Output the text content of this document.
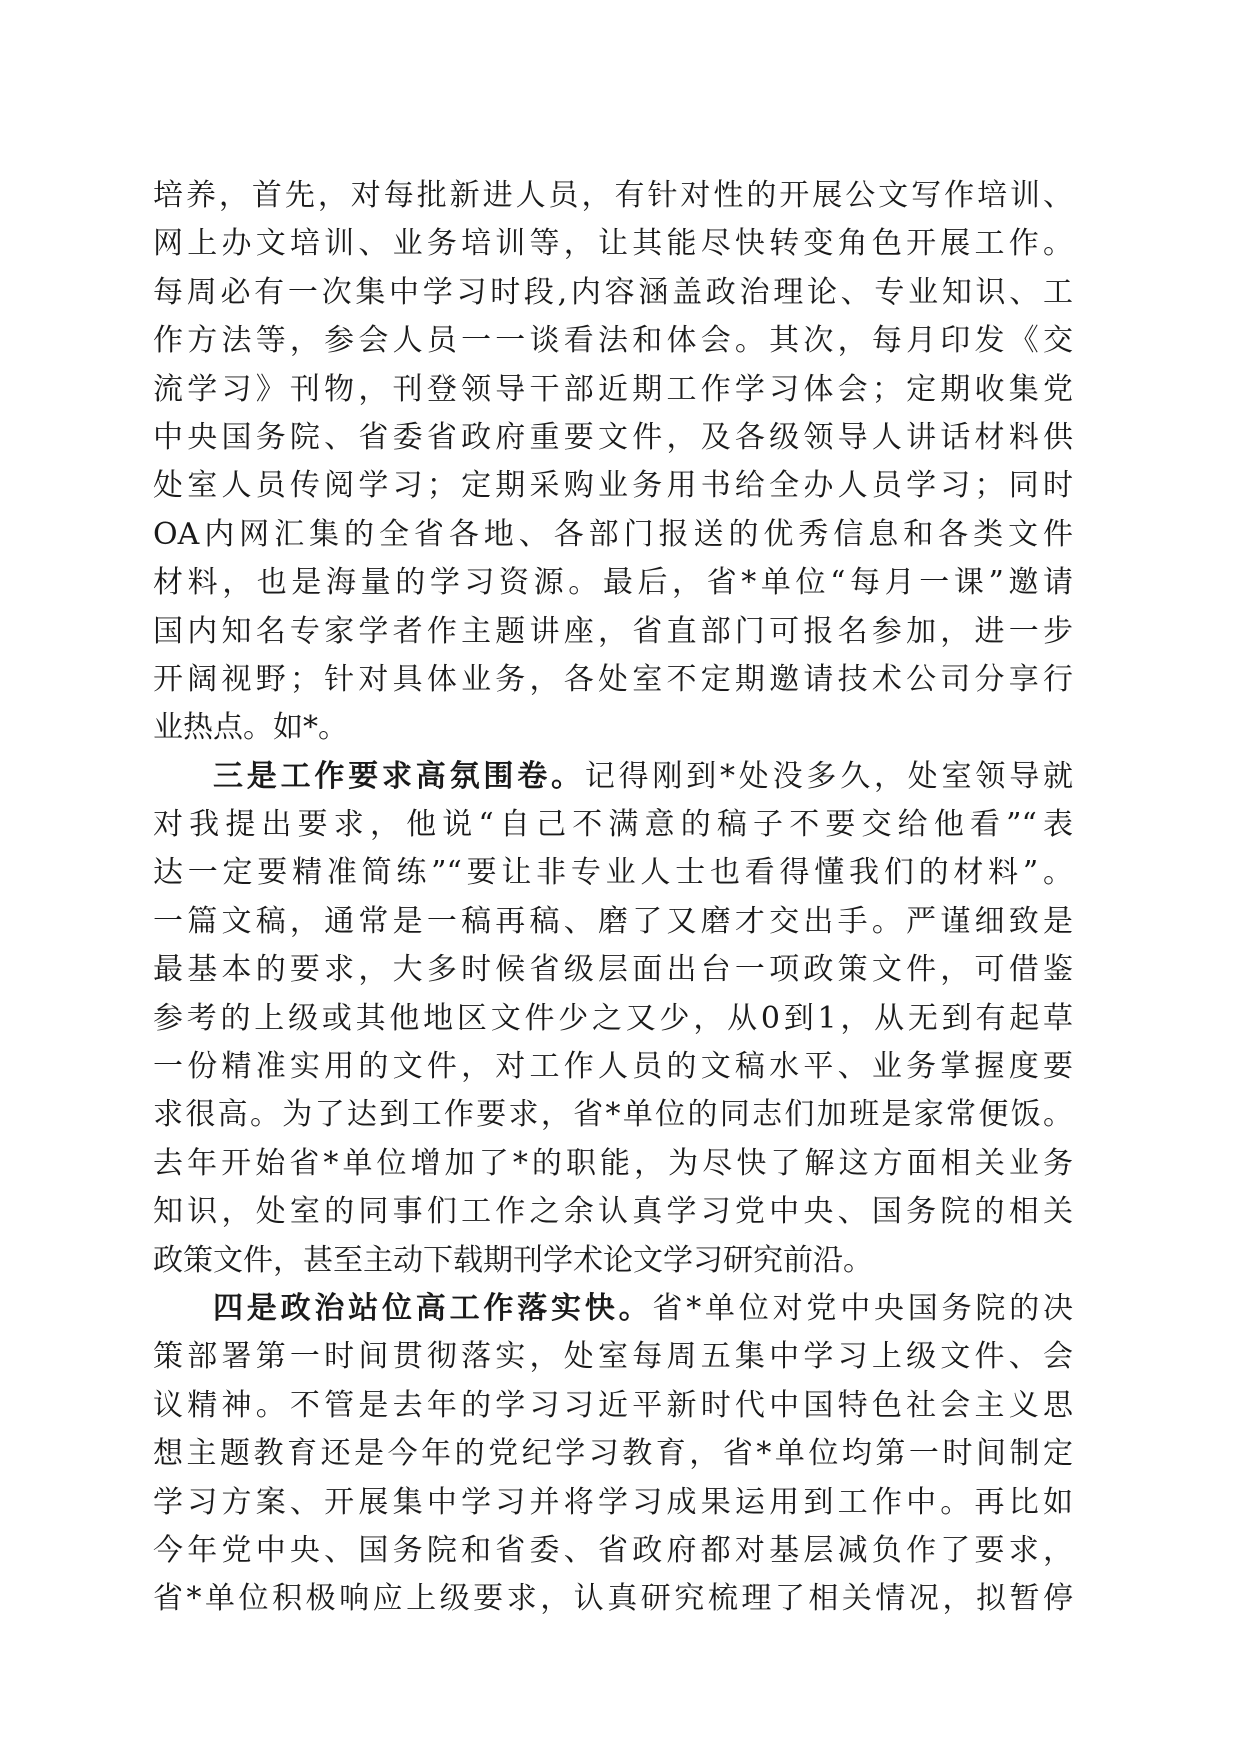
培养，首先，对每批新进人员，有针对性的开展公文写作培训、
网上办文培训、业务培训等，让其能尽快转变角色开展工作。
每周必有一次集中学习时段,内容涵盖政治理论、专业知识、工
作方法等，参会人员一一谈看法和体会。其次，每月印发《交
流学习》刊物，刊登领导干部近期工作学习体会；定期收集党
中央国务院、省委省政府重要文件，及各级领导人讲话材料供
处室人员传阅学习；定期采购业务用书给全办人员学习；同时
OA内网汇集的全省各地、各部门报送的优秀信息和各类文件
材料，也是海量的学习资源。最后，省*单位“每月一课”邀请
国内知名专家学者作主题讲座，省直部门可报名参加，进一步
开阔视野；针对具体业务，各处室不定期邀请技术公司分享行
业热点。如*。
三是工作要求高氛围卷。记得刚到*处没多久，处室领导就
对我提出要求，他说“自己不满意的稿子不要交给他看”“表
达一定要精准简练”“要让非专业人士也看得懂我们的材料”。
一篇文稿，通常是一稿再稿、磨了又磨才交出手。严谨细致是
最基本的要求，大多时候省级层面出台一项政策文件，可借鉴
参考的上级或其他地区文件少之又少，从0到1，从无到有起草
一份精准实用的文件，对工作人员的文稿水平、业务掌握度要
求很高。为了达到工作要求，省*单位的同志们加班是家常便饭。
去年开始省*单位增加了*的职能，为尽快了解这方面相关业务
知识，处室的同事们工作之余认真学习党中央、国务院的相关
政策文件，甚至主动下载期刊学术论文学习研究前沿。
四是政治站位高工作落实快。省*单位对党中央国务院的决
策部署第一时间贯彻落实，处室每周五集中学习上级文件、会
议精神。不管是去年的学习习近平新时代中国特色社会主义思
想主题教育还是今年的党纪学习教育，省*单位均第一时间制定
学习方案、开展集中学习并将学习成果运用到工作中。再比如
今年党中央、国务院和省委、省政府都对基层减负作了要求，
省*单位积极响应上级要求，认真研究梳理了相关情况，拟暂停
